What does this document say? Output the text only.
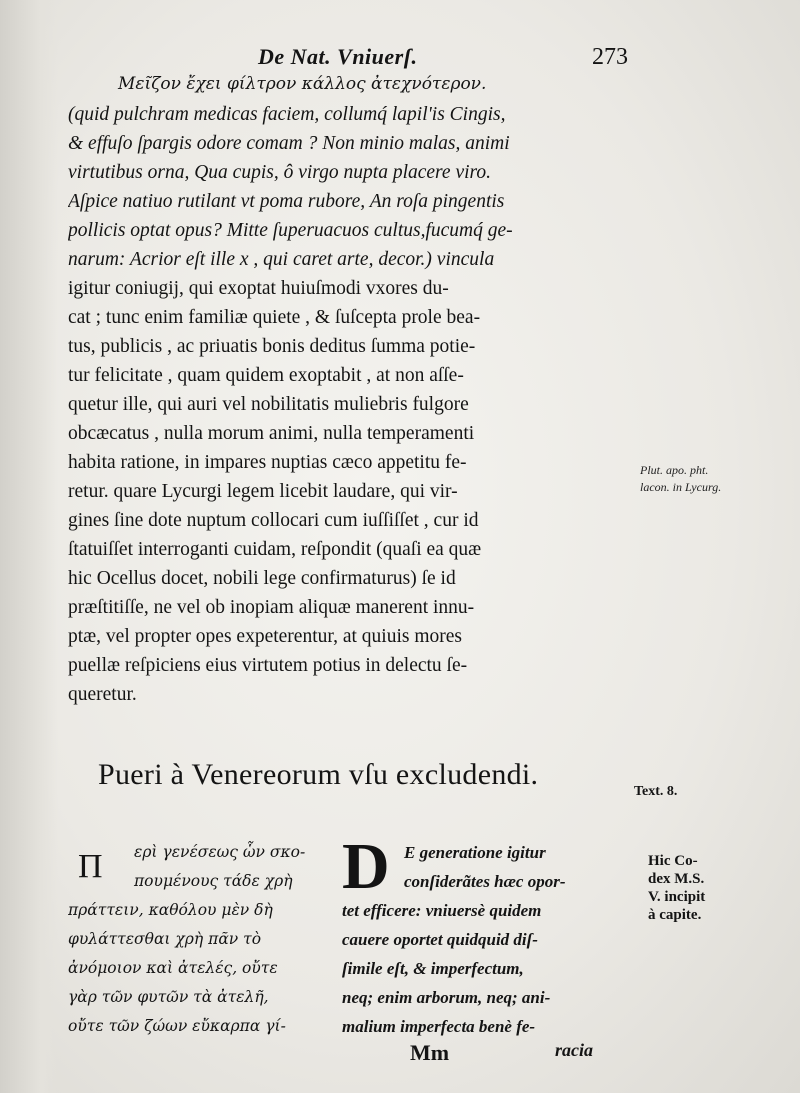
De Nat. Vniuerſ.	273
Μεῖζον ἔχει φίλτρον κάλλος ἀτεχνότερον.
(quid pulchram medicas faciem, collumq́ lapil'is Cingis,
& effuſo ſpargis odore comam ? Non minio malas, animi
virtutibus orna, Qua cupis, ô virgo nupta placere viro.
Aſpice natiuo rutilant vt poma rubore, An roſa pingentis
pollicis optat opus? Mitte ſuperuacuos cultus,fucumq́ ge-
narum: Acrior eſt ille x , qui caret arte, decor.) vincula
igitur coniugij, qui exoptat huiuſmodi vxores du-
cat ; tunc enim familiæ quiete , & ſuſcepta prole bea-
tus, publicis , ac priuatis bonis deditus ſumma potie-
tur felicitate , quam quidem exoptabit , at non aſſe-
quetur ille, qui auri vel nobilitatis muliebris fulgore
obcæcatus , nulla morum animi, nulla temperamenti
habita ratione, in impares nuptias cæco appetitu fe-
retur. quare Lycurgi legem licebit laudare, qui vir-
gines ſine dote nuptum collocari cum iuſſiſſet , cur id
ſtatuiſſet interroganti cuidam, reſpondit (quaſi ea quæ
hic Ocellus docet, nobili lege confirmaturus) ſe id
præſtitiſſe, ne vel ob inopiam aliquæ manerent innu-
ptæ, vel propter opes expeterentur, at quiuis mores
puellæ reſpiciens eius virtutem potius in delectu ſe-
queretur.
Plut. apo. pht. lacon. in Lycurg.
Pueri à Venereorum vſu excludendi.
Text. 8.
Hic Co-
dex M.S.
V. incipit
à capite.
Π	ερὶ γενέσεως ὧν σκο-
πουμένους τάδε χρὴ
πράττειν, καθόλου μὲν δὴ
φυλάττεσθαι χρὴ πᾶν τὸ
ἀνόμοιον καὶ ἀτελές, οὔτε
γὰρ τῶν φυτῶν τὰ ἀτελῆ,
οὔτε τῶν ζώων εὔκαρπα γί-
D E generatione igitur
conſiderãtes hæc opor-
tet efficere: vniuersè quidem
cauere oportet quidquid diſ-
ſimile eſt, & imperfectum,
neq; enim arborum, neq; ani-
malium imperfecta benè fe-
Mm	racia
